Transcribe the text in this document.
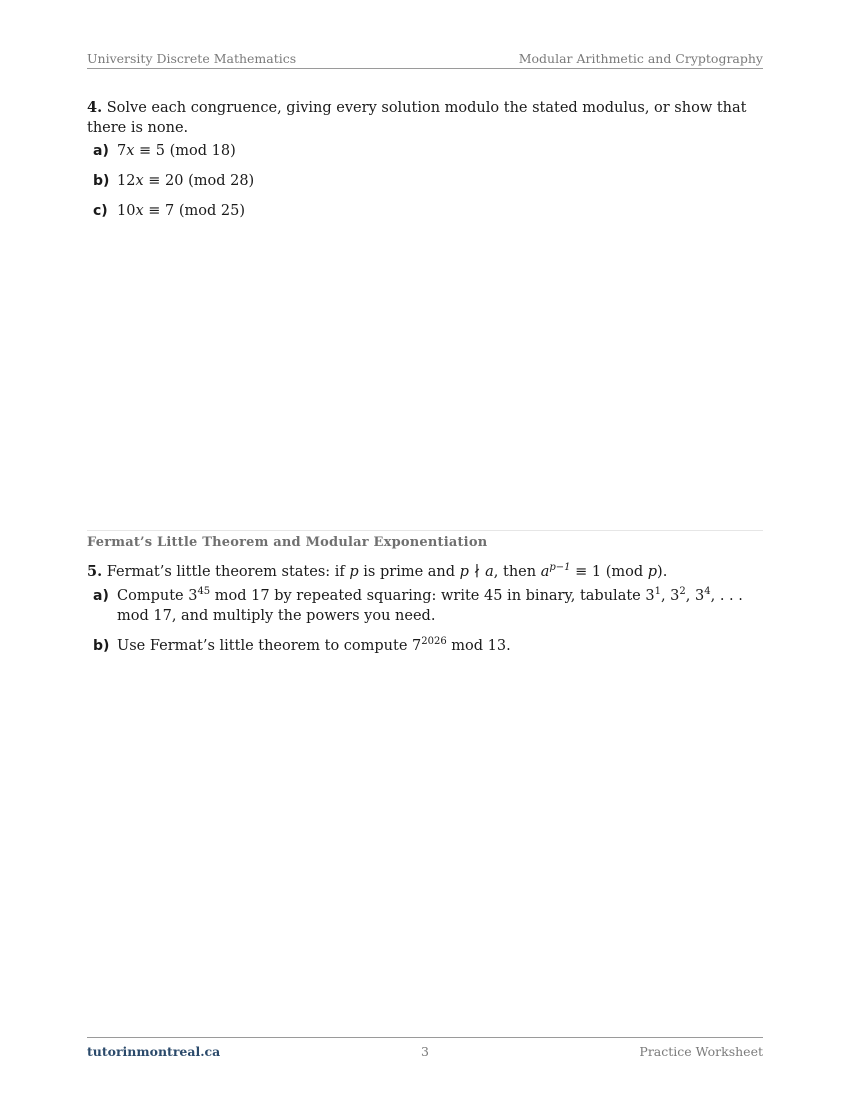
University Discrete Mathematics	Modular Arithmetic and Cryptography
4. Solve each congruence, giving every solution modulo the stated modulus, or show that there is none.
a) 7x ≡ 5 (mod 18)
b) 12x ≡ 20 (mod 28)
c) 10x ≡ 7 (mod 25)
Fermat’s Little Theorem and Modular Exponentiation
5. Fermat’s little theorem states: if p is prime and p ∤ a, then $a^{p-1} \equiv 1$ (mod p).
a) Compute $3^{45}$ mod 17 by repeated squaring: write 45 in binary, tabulate $3^1$, $3^2$, $3^4$, . . . mod 17, and multiply the powers you need.
b) Use Fermat’s little theorem to compute $7^{2026}$ mod 13.
tutorinmontreal.ca	3	Practice Worksheet
